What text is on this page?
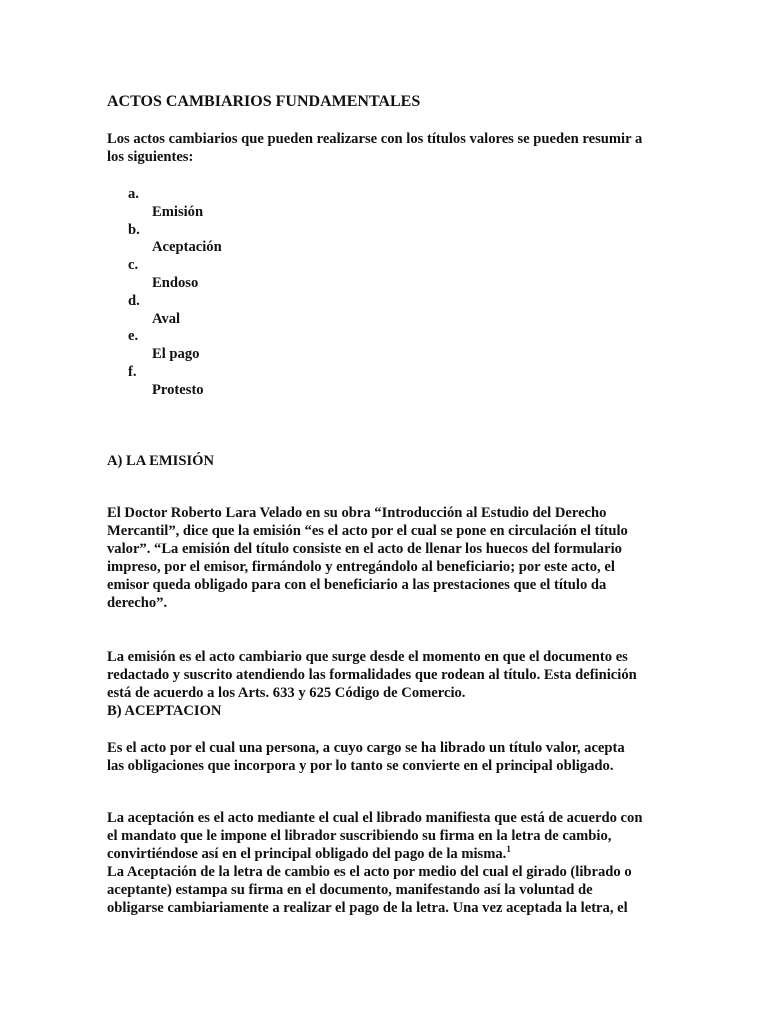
ACTOS CAMBIARIOS FUNDAMENTALES

Los actos cambiarios que pueden realizarse con los títulos valores se pueden resumir a
los siguientes:

a.
Emisión
b.
Aceptación
c.
Endoso
d.
Aval
e.
El pago
f.
Protesto
A) LA EMISIÓN

El Doctor Roberto Lara Velado en su obra “Introducción al Estudio del Derecho
Mercantil”, dice que la emisión “es el acto por el cual se pone en circulación el título
valor”. “La emisión del título consiste en el acto de llenar los huecos del formulario
impreso, por el emisor, firmándolo y entregándolo al beneficiario; por este acto, el
emisor queda obligado para con el beneficiario a las prestaciones que el título da
derecho”.

La emisión es el acto cambiario que surge desde el momento en que el documento es
redactado y suscrito atendiendo las formalidades que rodean al título. Esta definición
está de acuerdo a los Arts. 633 y 625 Código de Comercio.

B) ACEPTACION

Es el acto por el cual una persona, a cuyo cargo se ha librado un título valor, acepta
las obligaciones que incorpora y por lo tanto se convierte en el principal obligado.

La aceptación es el acto mediante el cual el librado manifiesta que está de acuerdo con
el mandato que le impone el librador suscribiendo su firma en la letra de cambio,
convirtiéndose así en el principal obligado del pago de la misma.$^1$

La Aceptación de la letra de cambio es el acto por medio del cual el girado (librado o
aceptante) estampa su firma en el documento, manifestando así la voluntad de
obligarse cambiariamente a realizar el pago de la letra. Una vez aceptada la letra, el
